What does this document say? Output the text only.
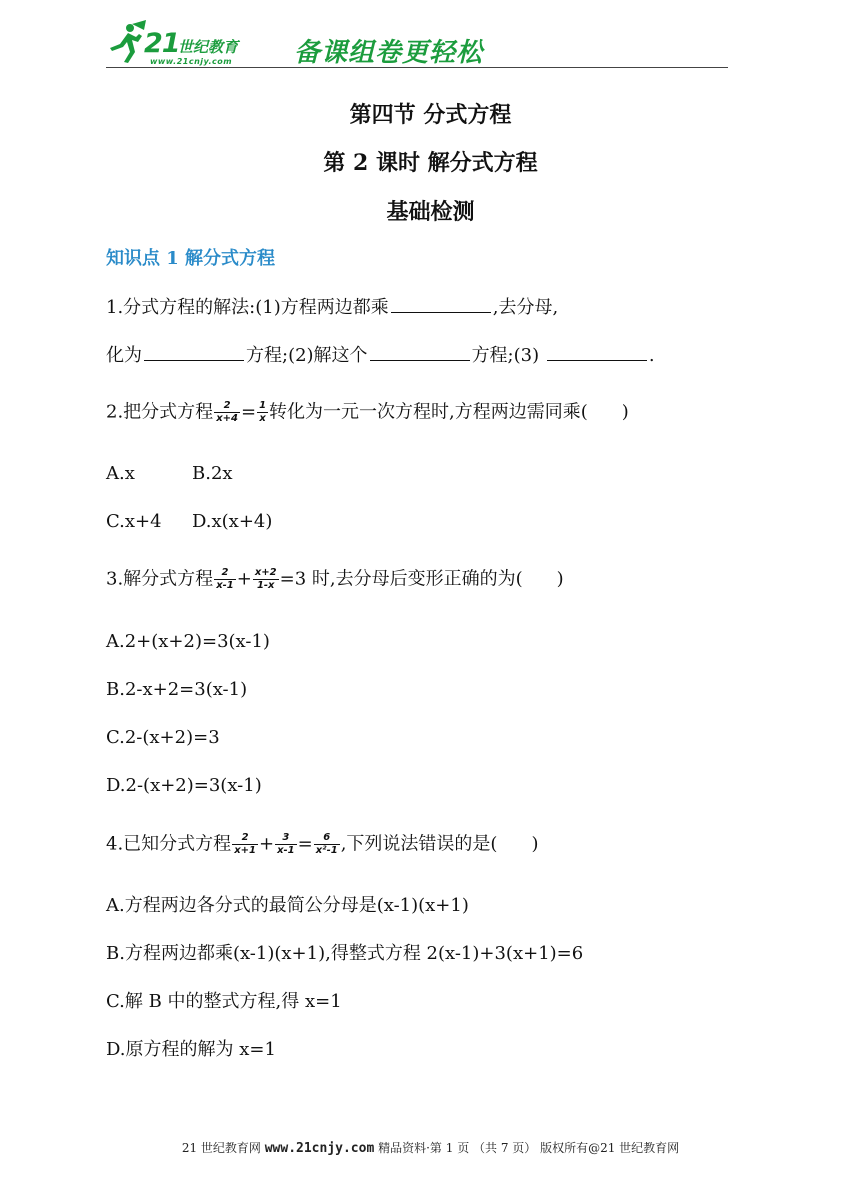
21
世纪教育
www.21cnjy.com 备课组卷更轻松
第四节 分式方程
第 2 课时 解分式方程
基础检测
知识点 1 解分式方程
1.分式方程的解法:(1)方程两边都乘	,去分母,
化为	方程;(2)解这个	方程;(3)	.
2.把分式方程 $\frac{2}{x+4} = \frac{1}{x}$ 转化为一元一次方程时,方程两边需同乘( )
A.x	B.2x
C.x+4 D.x(x+4)
3.解分式方程 $\frac{2}{x-1} + \frac{x+2}{1-x} =3$ 时,去分母后变形正确的为( )
A.2+(x+2)=3(x-1)
B.2-x+2=3(x-1)
C.2-(x+2)=3
D.2-(x+2)=3(x-1)
4.已知分式方程 $\frac{2}{x+1} + \frac{3}{x-1} = \frac{6}{\text{x²-1}}$ ,下列说法错误的是( )
A.方程两边各分式的最简公分母是(x-1)(x+1)
B.方程两边都乘(x-1)(x+1),得整式方程 2(x-1)+3(x+1)=6
C.解 B 中的整式方程,得 x=1
D.原方程的解为 x=1
21 世纪教育网 www.21cnjy.com 精品资料·第 1 页 （共 7 页） 版权所有@21 世纪教育网
